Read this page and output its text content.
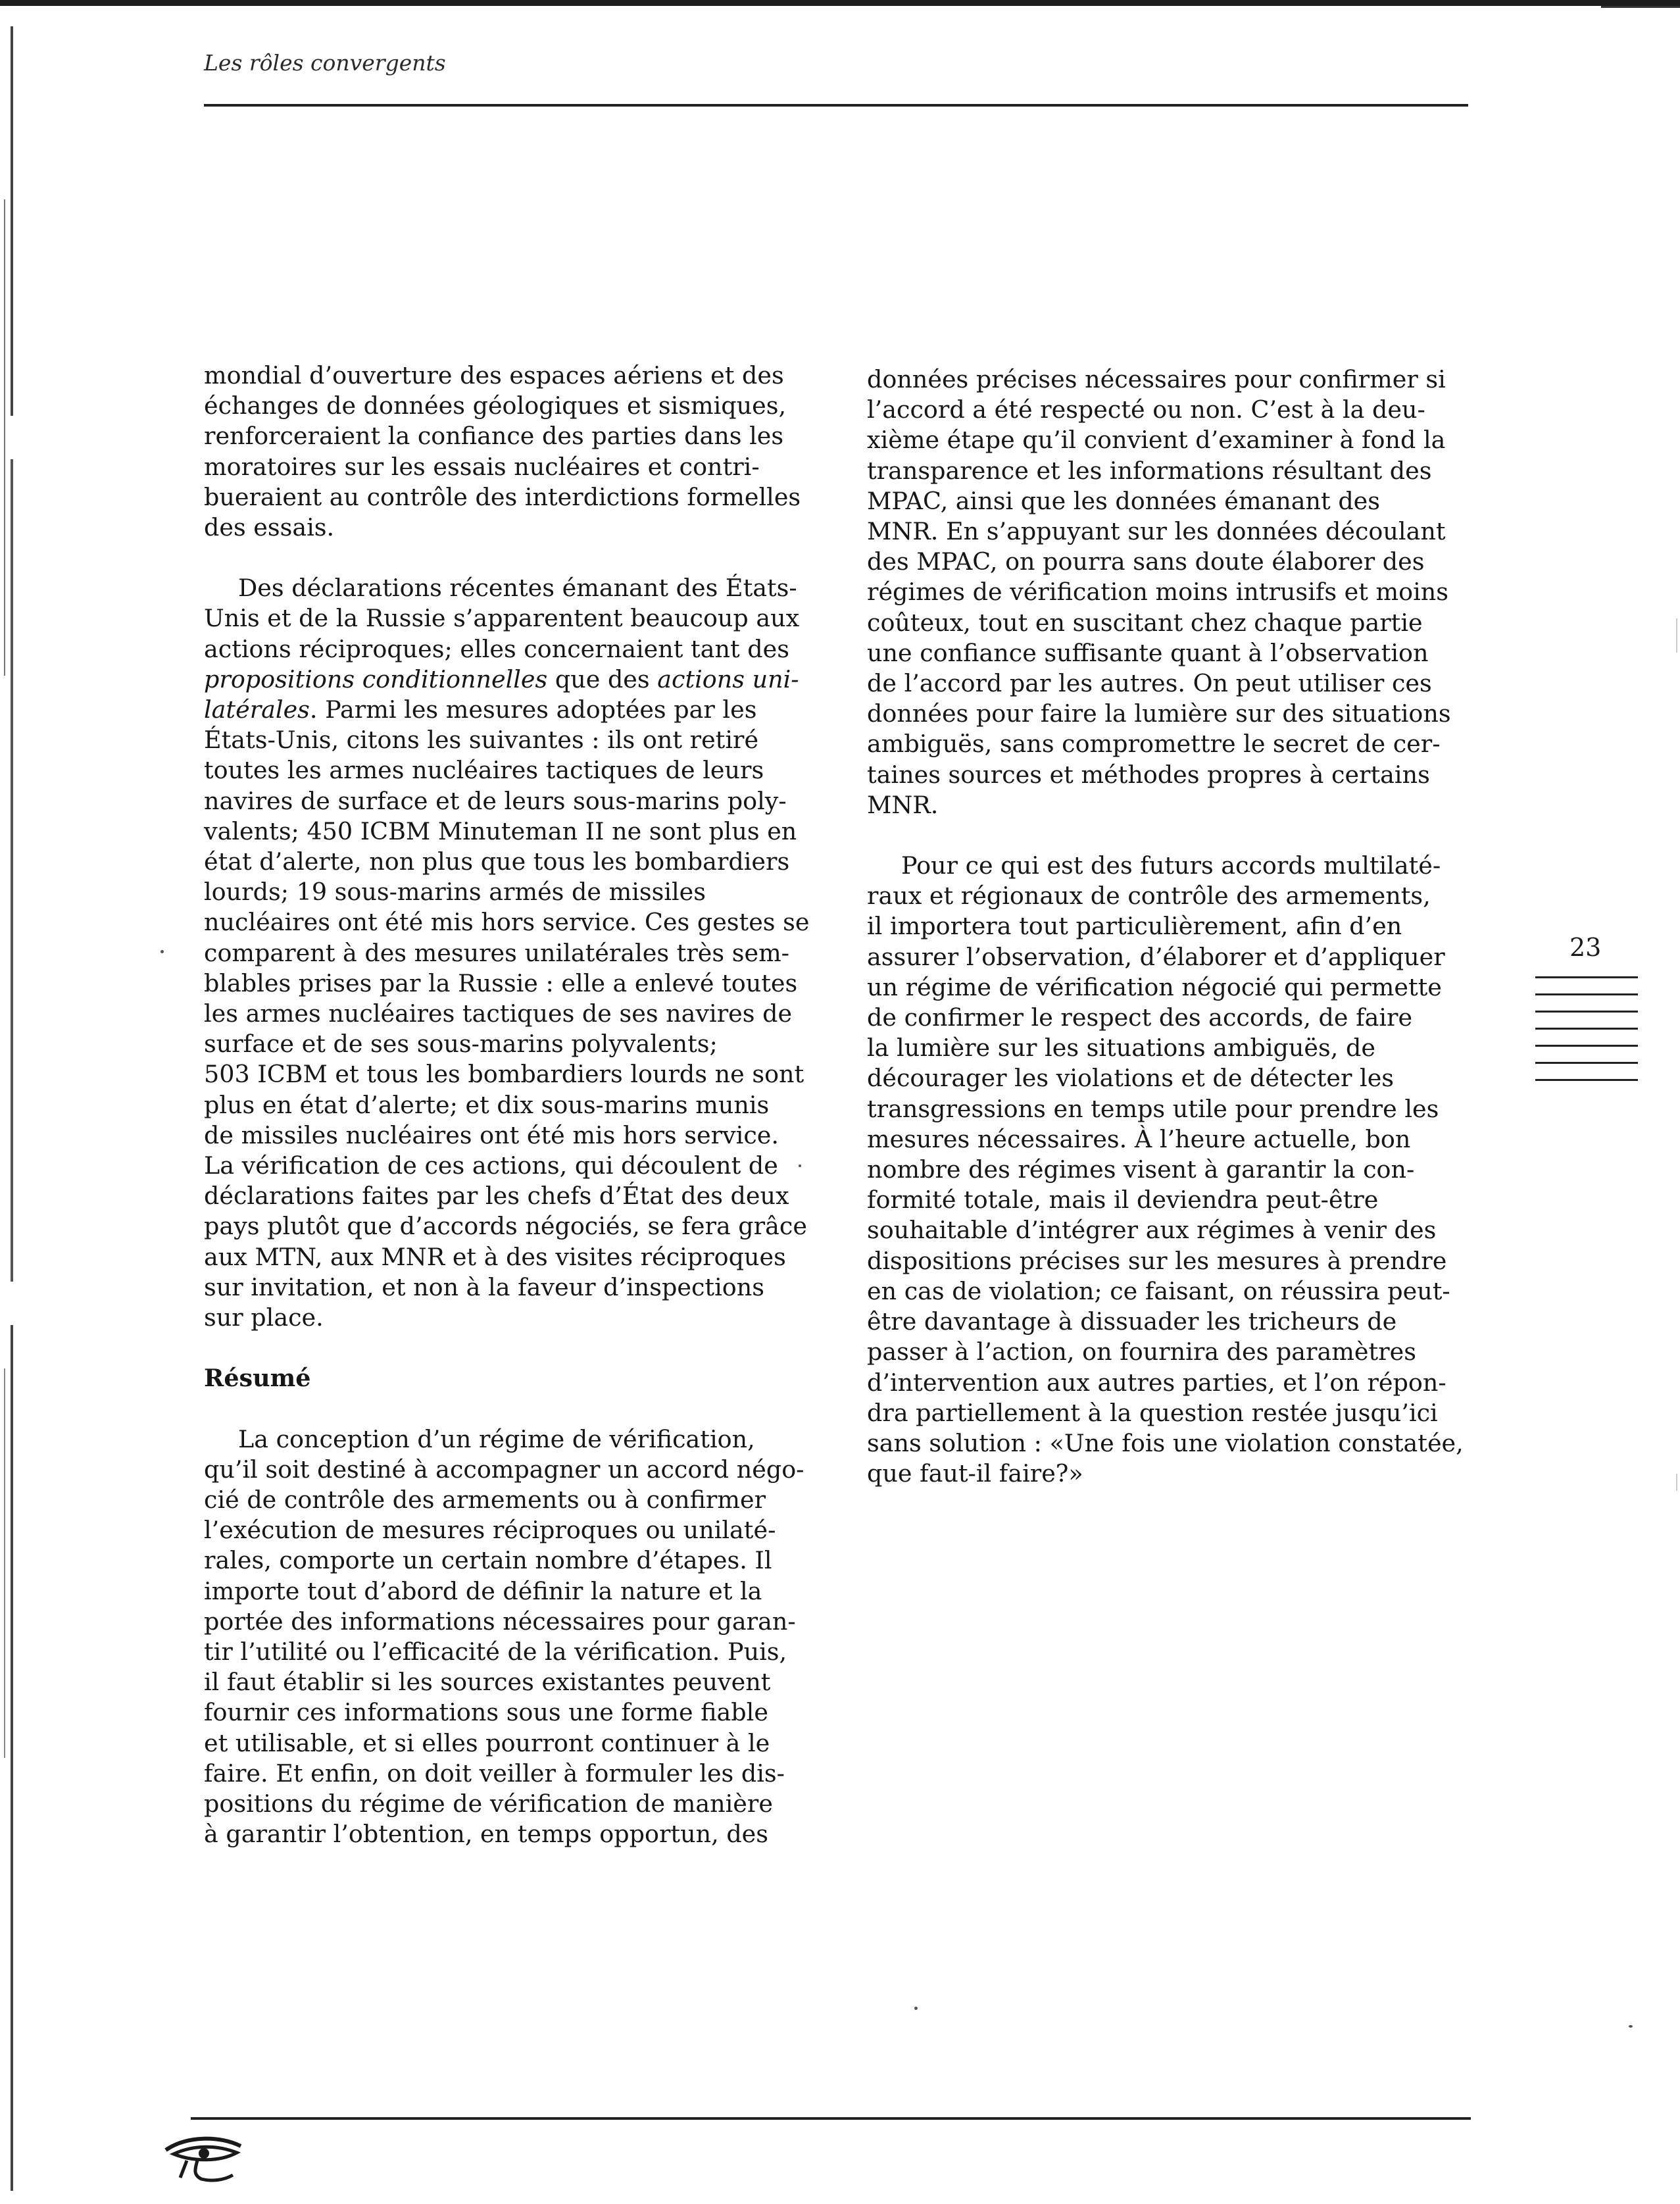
Les rôles convergents
mondial d’ouverture des espaces aériens et des
échanges de données géologiques et sismiques,
renforceraient la confiance des parties dans les
moratoires sur les essais nucléaires et contri-
bueraient au contrôle des interdictions formelles
des essais.
Des déclarations récentes émanant des États-
Unis et de la Russie s’apparentent beaucoup aux
actions réciproques; elles concernaient tant des
propositions conditionnelles que des actions uni-
latérales. Parmi les mesures adoptées par les
États-Unis, citons les suivantes : ils ont retiré
toutes les armes nucléaires tactiques de leurs
navires de surface et de leurs sous-marins poly-
valents; 450 ICBM Minuteman II ne sont plus en
état d’alerte, non plus que tous les bombardiers
lourds; 19 sous-marins armés de missiles
nucléaires ont été mis hors service. Ces gestes se
comparent à des mesures unilatérales très sem-
blables prises par la Russie : elle a enlevé toutes
les armes nucléaires tactiques de ses navires de
surface et de ses sous-marins polyvalents;
503 ICBM et tous les bombardiers lourds ne sont
plus en état d’alerte; et dix sous-marins munis
de missiles nucléaires ont été mis hors service.
La vérification de ces actions, qui découlent de
déclarations faites par les chefs d’État des deux
pays plutôt que d’accords négociés, se fera grâce
aux MTN, aux MNR et à des visites réciproques
sur invitation, et non à la faveur d’inspections
sur place.
Résumé
La conception d’un régime de vérification,
qu’il soit destiné à accompagner un accord négo-
cié de contrôle des armements ou à confirmer
l’exécution de mesures réciproques ou unilaté-
rales, comporte un certain nombre d’étapes. Il
importe tout d’abord de définir la nature et la
portée des informations nécessaires pour garan-
tir l’utilité ou l’efficacité de la vérification. Puis,
il faut établir si les sources existantes peuvent
fournir ces informations sous une forme fiable
et utilisable, et si elles pourront continuer à le
faire. Et enfin, on doit veiller à formuler les dis-
positions du régime de vérification de manière
à garantir l’obtention, en temps opportun, des
données précises nécessaires pour confirmer si
l’accord a été respecté ou non. C’est à la deu-
xième étape qu’il convient d’examiner à fond la
transparence et les informations résultant des
MPAC, ainsi que les données émanant des
MNR. En s’appuyant sur les données découlant
des MPAC, on pourra sans doute élaborer des
régimes de vérification moins intrusifs et moins
coûteux, tout en suscitant chez chaque partie
une confiance suffisante quant à l’observation
de l’accord par les autres. On peut utiliser ces
données pour faire la lumière sur des situations
ambiguës, sans compromettre le secret de cer-
taines sources et méthodes propres à certains
MNR.
Pour ce qui est des futurs accords multilaté-
raux et régionaux de contrôle des armements,
il importera tout particulièrement, afin d’en
assurer l’observation, d’élaborer et d’appliquer
un régime de vérification négocié qui permette
de confirmer le respect des accords, de faire
la lumière sur les situations ambiguës, de
décourager les violations et de détecter les
transgressions en temps utile pour prendre les
mesures nécessaires. À l’heure actuelle, bon
nombre des régimes visent à garantir la con-
formité totale, mais il deviendra peut-être
souhaitable d’intégrer aux régimes à venir des
dispositions précises sur les mesures à prendre
en cas de violation; ce faisant, on réussira peut-
être davantage à dissuader les tricheurs de
passer à l’action, on fournira des paramètres
d’intervention aux autres parties, et l’on répon-
dra partiellement à la question restée jusqu’ici
sans solution : «Une fois une violation constatée,
que faut-il faire?»
23
